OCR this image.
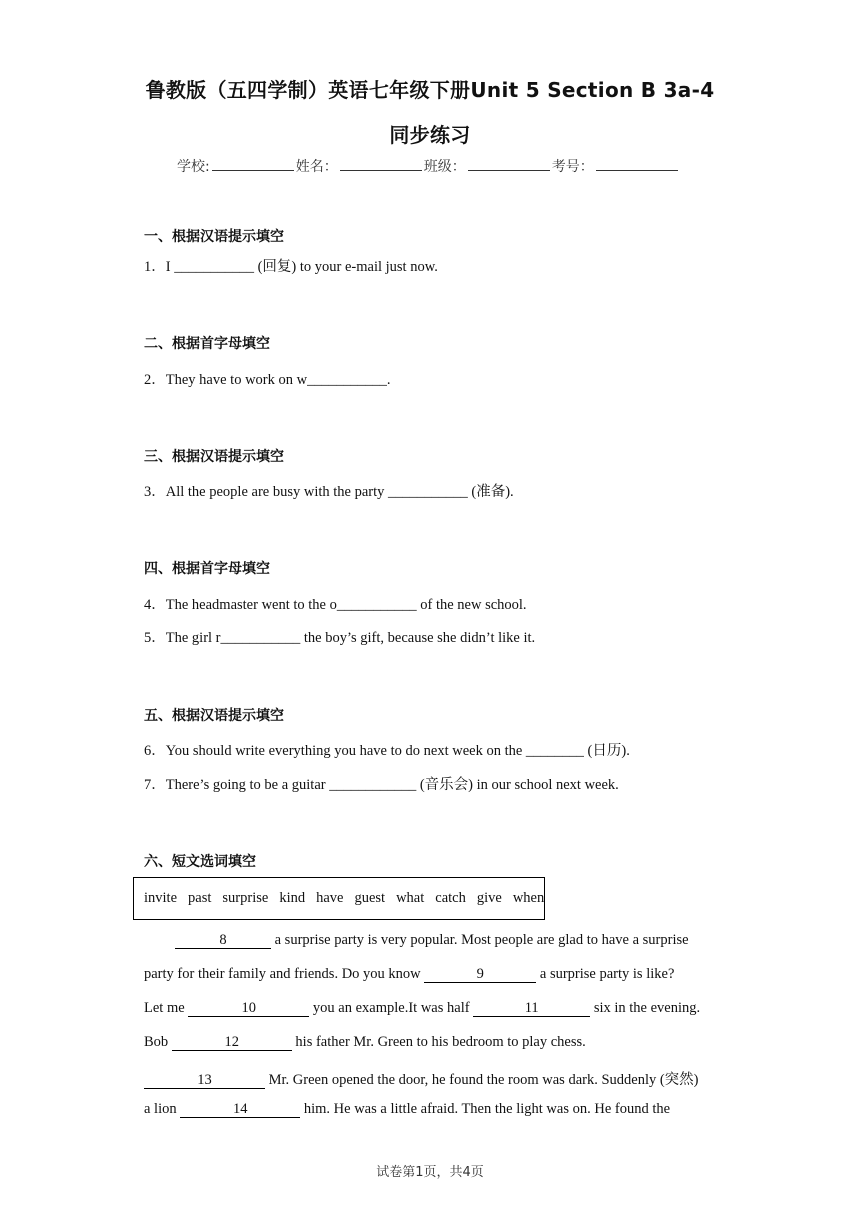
鲁教版（五四学制）英语七年级下册Unit 5 Section B 3a-4
同步练习
学校:	姓名：	班级：	考号：
一、根据汉语提示填空
1．I ___________ (回复) to your e-mail just now.
二、根据首字母填空
2．They have to work on w___________.
三、根据汉语提示填空
3．All the people are busy with the party ___________ (准备).
四、根据首字母填空
4．The headmaster went to the o___________ of the new school.
5．The girl r___________ the boy’s gift, because she didn’t like it.
五、根据汉语提示填空
6．You should write everything you have to do next week on the ________ (日历).
7．There’s going to be a guitar ____________ (音乐会) in our school next week.
六、短文选词填空
invite past surprise kind have guest what catch give when
8	a surprise party is very popular. Most people are glad to have a surprise
party for their family and friends. Do you know	9	a surprise party is like?
Let me	10	you an example.It was half	11	six in the evening.
Bob	12	his father Mr. Green to his bedroom to play chess.
13	Mr. Green opened the door, he found the room was dark. Suddenly (突然)
a lion	14	him. He was a little afraid. Then the light was on. He found the
试卷第1页，共4页
